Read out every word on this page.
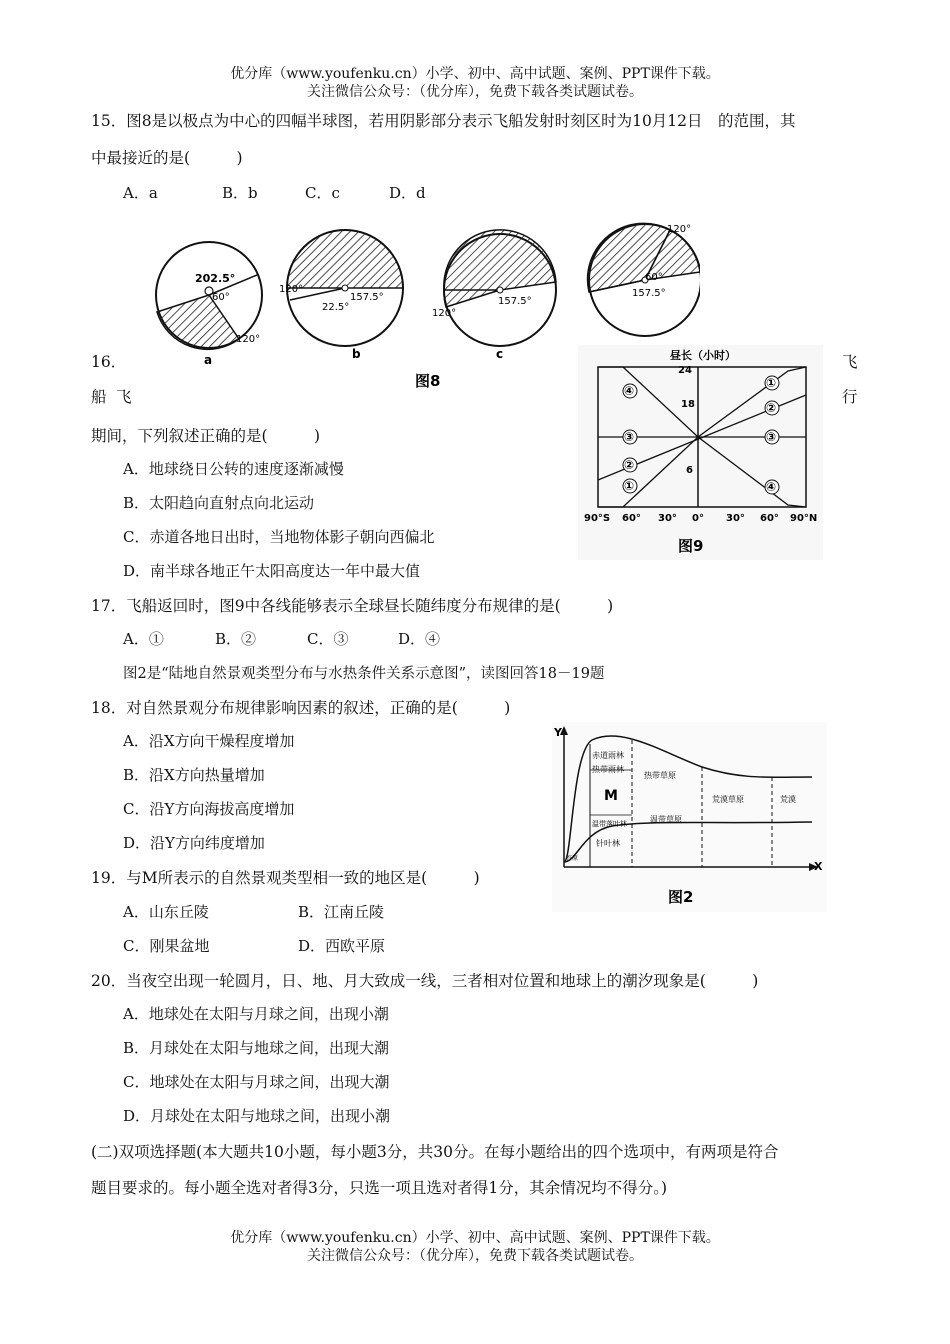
优分库（www.youfenku.cn）小学、初中、高中试题、案例、PPT课件下载。
关注微信公众号：（优分库），免费下载各类试题试卷。
15．图8是以极点为中心的四幅半球图，若用阴影部分表示飞船发射时刻区时为10月12日　的范围，其
中最接近的是(　　　)
A．a	B．b	C．c	D．d
202.5°
60°
120°
120°
157.5°
22.5°
157.5°
120°
120°
60°
157.5°
a	b	c
图8
16．	飞
船 飞	行
期间，下列叙述正确的是(　　　)
A．地球绕日公转的速度逐渐减慢
B．太阳趋向直射点向北运动
C．赤道各地日出时，当地物体影子朝向西偏北
D．南半球各地正午太阳高度达一年中最大值
昼长（小时）
24
18
6
①
②
③
④
①
②
③
④
90°S 60° 30° 0° 30° 60° 90°N
图9
17．飞船返回时，图9中各线能够表示全球昼长随纬度分布规律的是(　　　)
A．①	B．②	C．③	D．④
图2是“陆地自然景观类型分布与水热条件关系示意图”，读图回答18－19题
18．对自然景观分布规律影响因素的叙述，正确的是(　　　)
A．沿X方向干燥程度增加
B．沿X方向热量增加
C．沿Y方向海拔高度增加
D．沿Y方向纬度增加
Y
X
赤道雨林
热带雨林
M
温带落叶林
针叶林
苔原
热带草原
温带草原
荒漠草原	荒漠
图2
19．与M所表示的自然景观类型相一致的地区是(　　　)
A．山东丘陵	B．江南丘陵
C．刚果盆地	D．西欧平原
20．当夜空出现一轮圆月，日、地、月大致成一线，三者相对位置和地球上的潮汐现象是(　　　)
A．地球处在太阳与月球之间，出现小潮
B．月球处在太阳与地球之间，出现大潮
C．地球处在太阳与月球之间，出现大潮
D．月球处在太阳与地球之间，出现小潮
(二)双项选择题(本大题共10小题，每小题3分，共30分。在每小题给出的四个选项中，有两项是符合
题目要求的。每小题全选对者得3分，只选一项且选对者得1分，其余情况均不得分。)
优分库（www.youfenku.cn）小学、初中、高中试题、案例、PPT课件下载。
关注微信公众号：（优分库），免费下载各类试题试卷。
